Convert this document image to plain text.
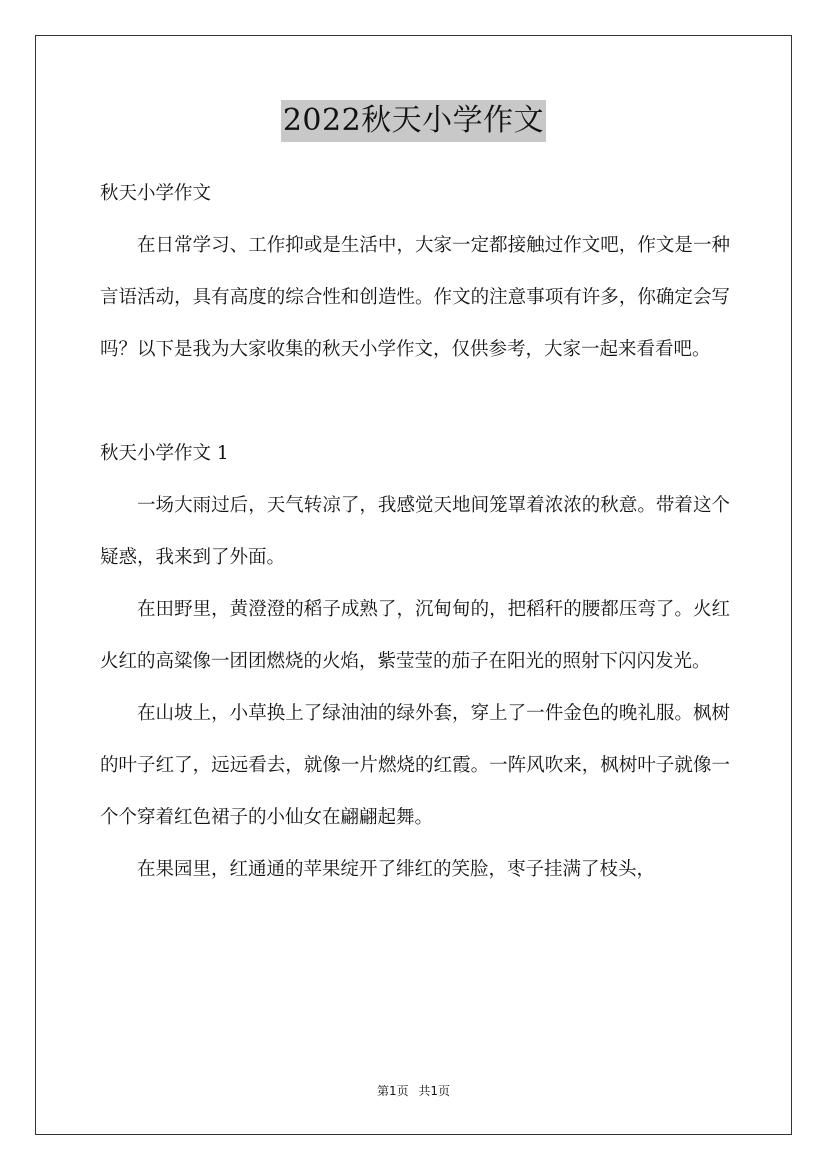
2022秋天小学作文

秋天小学作文

在日常学习、工作抑或是生活中，大家一定都接触过作文吧，作文是一种言语活动，具有高度的综合性和创造性。作文的注意事项有许多，你确定会写吗？以下是我为大家收集的秋天小学作文，仅供参考，大家一起来看看吧。

秋天小学作文 1

一场大雨过后，天气转凉了，我感觉天地间笼罩着浓浓的秋意。带着这个疑惑，我来到了外面。

在田野里，黄澄澄的稻子成熟了，沉甸甸的，把稻秆的腰都压弯了。火红火红的高粱像一团团燃烧的火焰，紫莹莹的茄子在阳光的照射下闪闪发光。

在山坡上，小草换上了绿油油的绿外套，穿上了一件金色的晚礼服。枫树的叶子红了，远远看去，就像一片燃烧的红霞。一阵风吹来，枫树叶子就像一个个穿着红色裙子的小仙女在翩翩起舞。

在果园里，红通通的苹果绽开了绯红的笑脸，枣子挂满了枝头，

第1页 共1页
